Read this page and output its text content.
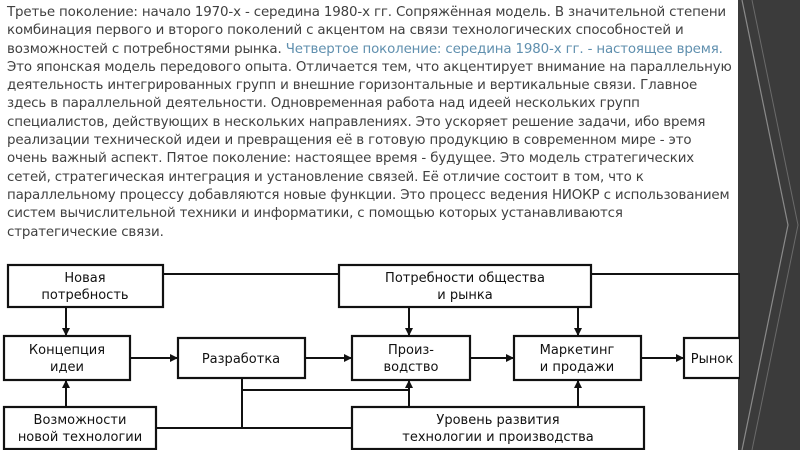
Третье поколение: начало 1970-х - середина 1980-х гг. Сопряжённая модель. В значительной степени комбинация первого и второго поколений с акцентом на связи технологических способностей и возможностей с потребностями рынка. Четвертое поколение: середина 1980-х гг. - настоящее время. Это японская модель передового опыта. Отличается тем, что акцентирует внимание на параллельную деятельность интегрированных групп и внешние горизонтальные и вертикальные связи. Главное здесь в параллельной деятельности. Одновременная работа над идеей нескольких групп специалистов, действующих в нескольких направлениях. Это ускоряет решение задачи, ибо время реализации технической идеи и превращения её в готовую продукцию в современном мире - это очень важный аспект. Пятое поколение: настоящее время - будущее. Это модель стратегических сетей, стратегическая интеграция и установление связей. Её отличие состоит в том, что к параллельному процессу добавляются новые функции. Это процесс ведения НИОКР с использованием систем вычислительной техники и информатики, с помощью которых устанавливаются стратегические связи.
Новая
потребность
Потребности общества
и рынка
Концепция
идеи
Разработка
Произ-
водство
Маркетинг
и продажи
Рынок
Возможности
новой технологии
Уровень развития
технологии и производства
